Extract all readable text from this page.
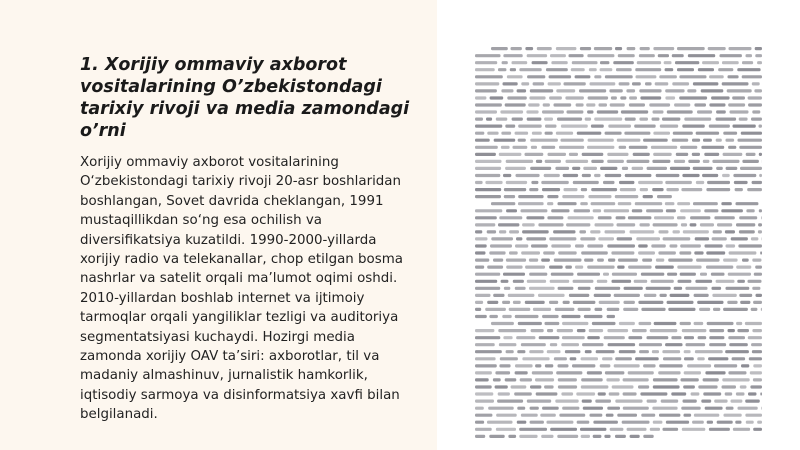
1. Xorijiy ommaviy axborot vositalarining O’zbekistondagi tarixiy rivoji va media zamondagi o’rni

Xorijiy ommaviy axborot vositalarining O‘zbekistondagi tarixiy rivoji 20-asr boshlaridan boshlangan, Sovet davrida cheklangan, 1991 mustaqillikdan so‘ng esa ochilish va diversifikatsiya kuzatildi. 1990-2000-yillarda xorijiy radio va telekanallar, chop etilgan bosma nashrlar va satelit orqali ma’lumot oqimi oshdi. 2010-yillardan boshlab internet va ijtimoiy tarmoqlar orqali yangiliklar tezligi va auditoriya segmentatsiyasi kuchaydi. Hozirgi media zamonda xorijiy OAV ta’siri: axborotlar, til va madaniy almashinuv, jurnalistik hamkorlik, iqtisodiy sarmoya va disinformatsiya xavfi bilan belgilanadi.
